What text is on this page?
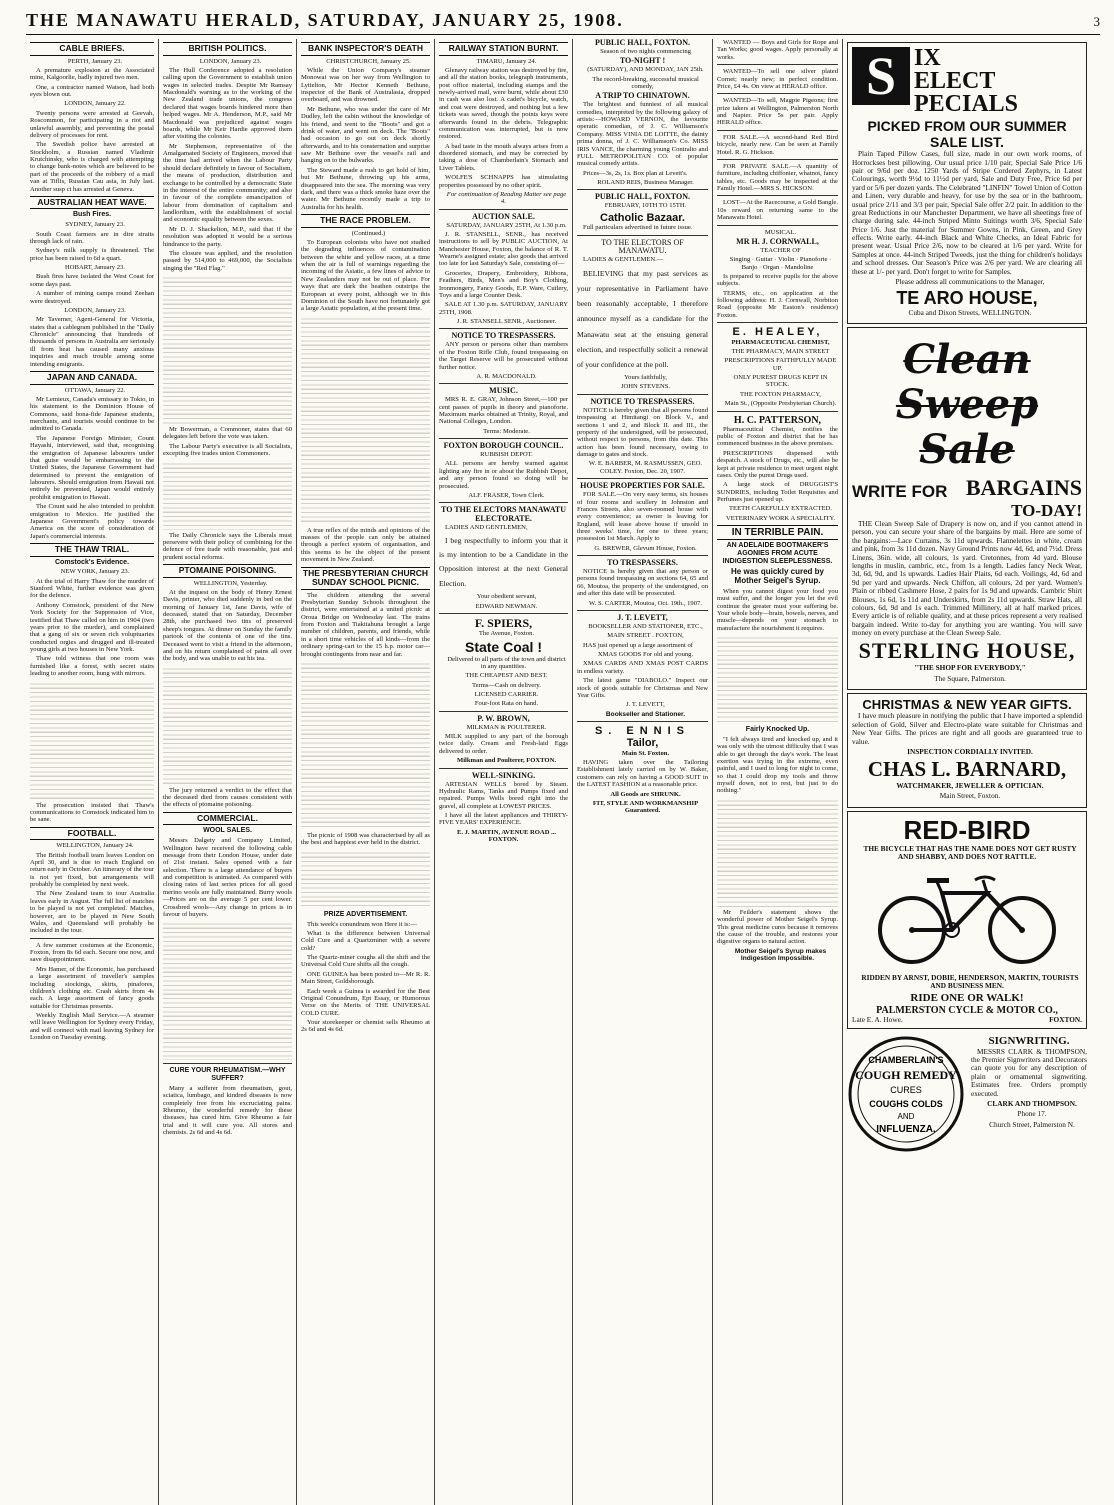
THE MANAWATU HERALD, SATURDAY, JANUARY 25, 1908.	3
CABLE BRIEFS.

PERTH, January 23.

A premature explosion at the Associated mine, Kalgoorlie, badly injured two men.

One, a contractor named Watson, had both eyes blown out.

LONDON, January 22.

Twenty persons were arrested at Geevah, Roscommon, for participating in a riot and unlawful assembly, and preventing the postal delivery of processes for rent.

The Swedish police have arrested at Stockholm, a Russian named Vladimir Krutchinsky, who is charged with attempting to change bank-notes which are believed to be part of the proceeds of the robbery of a mail van at Tiflis, Russian Cau asia, in July last. Another susp ct has arrested at Geneva.

AUSTRALIAN HEAT WAVE.
Bush Fires.

SYDNEY, January 23.

South Coast farmers are in dire straits through lack of rain.

Sydney's milk supply is threatened. The price has been raised to 6d a quart.

HOBART, January 23.

Bush fires have isolated the West Coast for some days past.

A number of mining camps round Zeehan were destroyed.

LONDON, January 23.

Mr Taverner, Agent-General for Victoria, states that a cablegram published in the "Daily Chronicle" announcing that hundreds of thousands of persons in Australia are seriously ill from heat has caused many anxious inquiries and much trouble among some intending emigrants.

JAPAN AND CANADA.

OTTAWA, January 22.

Mr Lemieux, Canada's emissary to Tokio, in his statement to the Dominion House of Commons, said bona-fide Japanese students, merchants, and tourists would continue to be admitted to Canada.

The Japanese Foreign Minister, Count Hayashi, interviewed, said that, recognising the emigration of Japanese labourers under that guise would be embarrassing to the United States, the Japanese Government had determined to prevent the emigration of labourers. Should emigration from Hawaii not entirely be prevented, Japan would entirely prohibit emigration to Hawaii.

The Count said he also intended to prohibit emigration to Mexico. He justified the Japanese Government's policy towards America on the score of consideration of Japan's commercial interests.

THE THAW TRIAL.
Comstock's Evidence.

NEW YORK, January 23.

At the trial of Harry Thaw for the murder of Stanford White, further evidence was given for the defence.

Anthony Comstock, president of the New York Society for the Suppression of Vice, testified that Thaw called on him in 1904 (two years prior to the murder), and complained that a gang of six or seven rich voluptuaries conducted orgies and drugged and ill-treated young girls at two houses in New York.

Thaw told witness that one room was furnished like a forest, with secret stairs leading to another room, hung with mirrors.

The prosecution insisted that Thaw's communications to Comstock indicated him to be sane.

FOOTBALL.

WELLINGTON, January 24.

The British football team leaves London on April 30, and is due to reach England on return early in October. An itinerary of the tour is not yet fixed, but arrangements will probably be completed by next week.

The New Zealand team to tour Australia leaves early in August. The full list of matches to be played is not yet completed. Matches, however, are to be played in New South Wales, and Queensland will probably be included in the tour.

A few summer costumes at the Economic, Foxton, from 8s 6d each. Secure one now, and save disappointment.

Mrs Hamer, of the Economic, has purchased a large assortment of traveller's samples including stockings, skirts, pinafores, children's clothing etc. Crash skirts from 4s each. A large assortment of fancy goods suitable for Christmas presents.

Weekly English Mail Service.—A steamer will leave Wellington for Sydney every Friday, and will connect with mail leaving Sydney for London on Tuesday evening.

BRITISH POLITICS.

LONDON, January 23.

The Hull Conference adopted a resolution calling upon the Government to establish union wages in selected trades. Despite Mr Ramsay Macdonald's warning as to the working of the New Zealand trade unions, the congress declared that wages boards hindered more than helped wages. Mr A. Henderson, M.P., said Mr Macdonald was prejudiced against wages boards, while Mr Keir Hardie approved them after visiting the colonies.

Mr Stephenson, representative of the Amalgamated Society of Engineers, moved that the time had arrived when the Labour Party should declare definitely in favour of Socialism, the means of production, distribution and exchange to be controlled by a democratic State in the interest of the entire community; and also in favour of the complete emancipation of labour from domination of capitalism and landlordism, with the establishment of social and economic equality between the sexes.

Mr D. J. Shackelton, M.P., said that if the resolution was adopted it would be a serious hindrance to the party.

The closure was applied, and the resolution passed by 514,000 to 469,000, the Socialists singing the "Red Flag."

Mr Bowerman, a Commoner, states that 60 delegates left before the vote was taken.

The Labour Party's executive is all Socialists, excepting five trades union Commoners.

The Daily Chronicle says the Liberals must persevere with their policy of combining for the defence of free trade with reasonable, just and prudent social reforms.

PTOMAINE POISONING.

WELLINGTON, Yesterday.

At the inquest on the body of Henry Ernest Davis, printer, who died suddenly in bed on the morning of January 1st, Jane Davis, wife of deceased, stated that on Saturday, December 28th, she purchased two tins of preserved sheep's tongues. At dinner on Sunday the family partook of the contents of one of the tins. Deceased went to visit a friend in the afternoon, and on his return complained of pains all over the body, and was unable to eat his tea.

The jury returned a verdict to the effect that the deceased died from causes consistent with the effects of ptomaine poisoning.

COMMERCIAL.
WOOL SALES.

Messrs Dalgety and Company Limited, Wellington have received the following cable message from their London House, under date of 21st instant. Sales opened with a fair selection. There is a large attendance of buyers and competition is animated. As compared with closing rates of last series prices for all good merino wools are fully maintained. Burry wools—Prices are on the average 5 per cent lower. Crossbred wools—Any change in prices is in favour of buyers.

CURE YOUR RHEUMATISM.—WHY SUFFER?

Many a sufferer from rheumatism, gout, sciatica, lumbago, and kindred diseases is now completely free from his excruciating pains. Rheumo, the wonderful remedy for these diseases, has cured him. Give Rheumo a fair trial and it will cure you. All stores and chemists. 2s 6d and 4s 6d.

BANK INSPECTOR'S DEATH

CHRISTCHURCH, January 25.

While the Union Company's steamer Monowai was on her way from Wellington to Lyttelton, Mr Hector Kenneth Bethune, inspector of the Bank of Australasia, dropped overboard, and was drowned.

Mr Bethune, who was under the care of Mr Dudley, left the cabin without the knowledge of his friend, and went to the "Boots" and got a drink of water, and went on deck. The "Boots" had occasion to go out on deck shortly afterwards, and to his consternation and surprise saw Mr Bethune over the vessel's rail and hanging on to the bulwarks.

The Steward made a rush to get hold of him, but Mr Bethune, throwing up his arms, disappeared into the sea. The morning was very dark, and there was a thick smoke haze over the water. Mr Bethune recently made a trip to Australia for his health.

THE RACE PROBLEM.

(Continued.)

To European colonists who have not studied the degrading influences of contamination between the white and yellow races, at a time when the air is full of warnings regarding the incoming of the Asiatic, a few lines of advice to New Zealanders may not be out of place. For ways that are dark the heathen outstrips the European at every point, although we in this Dominion of the South have not fortunately got a large Asiatic population, at the present time.

A true reflex of the minds and opinions of the masses of the people can only be attained through a perfect system of organisation, and this seems to be the object of the present movement in New Zealand.

THE PRESBYTERIAN CHURCH SUNDAY SCHOOL PICNIC.

The children attending the several Presbyterian Sunday Schools throughout the district, were entertained at a united picnic at Oroua Bridge on Wednesday last. The trains from Foxton and Tiakitahuna brought a large number of children, parents, and friends, while in a short time vehicles of all kinds—from the ordinary spring-cart to the 15 h.p. motor car—brought contingents from near and far.

The picnic of 1908 was characterised by all as the best and happiest ever held in the district.

PRIZE ADVERTISEMENT.

This week's conundrum won Here it is:—

What is the difference between Universal Cold Cure and a Quartzminer with a severe cold?

The Quartz-miner coughs all the shift and the Universal Cold Cure shifts all the cough.

ONE GUINEA has been posted to—Mr R. R. Main Street, Goldsborough.

Each week a Guinea is awarded for the Best Original Conundrum, Ept Essay, or Humorous Verse on the Merits of THE UNIVERSAL COLD CURE.

Your storekeeper or chemist sells Rheumo at 2s 6d and 4s 6d.

RAILWAY STATION BURNT.

TIMARU, January 24.

Glenavy railway station was destroyed by fire, and all the station books, telegraph instruments, post office material, including stamps and the newly-arrived mail, were burnt, while about £30 in cash was also lost. A cadet's bicycle, watch, and coat were destroyed, and nothing but a few tickets was saved, though the points keys were afterwards found in the debris. Telegraphic communication was interrupted, but is now restored.

A bad taste in the mouth always arises from a disordered stomach, and may be corrected by taking a dose of Chamberlain's Stomach and Liver Tablets.

WOLFE'S SCHNAPPS has stimulating properties possessed by no other spirit.

For continuation of Reading Matter see page 4.

AUCTION SALE.

SATURDAY, JANUARY 25TH, At 1.30 p.m.

J. R. STANSELL, SENR., has received instructions to sell by PUBLIC AUCTION, At Manchester House, Foxton, the balance of R. T. Wearne's assigned estate; also goods that arrived too late for last Saturday's Sale, consisting of—

Groceries, Drapery, Embroidery, Ribbons, Feathers, Birds, Men's and Boy's Clothing, Ironmongery, Fancy Goods, E.P. Ware, Cutlery, Toys and a large Counter Desk.

SALE AT 1.30 p.m. SATURDAY, JANUARY 25TH, 1908.

J. R. STANSELL SENR., Auctioneer.

NOTICE TO TRESPASSERS.

ANY person or persons other than members of the Foxton Rifle Club, found trespassing on the Target Reserve will be prosecuted without further notice.

A. R. MACDONALD.

MUSIC.

MRS R. E. GRAY, Johnson Street,—100 per cent passes of pupils in theory and pianoforte. Maximum marks obtained at Trinity, Royal, and National Colleges, London.

Terms: Moderate.

FOXTON BOROUGH COUNCIL.

RUBBISH DEPOT.

ALL persons are hereby warned against lighting any fire in or about the Rubbish Depot, and any person found so doing will be prosecuted.

ALF. FRASER, Town Clerk.

TO THE ELECTORS MANAWATU ELECTORATE.

LADIES AND GENTLEMEN,

I beg respectfully to inform you that it is my intention to be a Candidate in the Opposition interest at the next General Election.

Your obedient servant,

EDWARD NEWMAN.

F. SPIERS,

The Avenue, Foxton.

State Coal !

Delivered to all parts of the town and district in any quantities.

THE CHEAPEST AND BEST.

Terms—Cash on delivery.

LICENSED CARRIER.

Four-foot Rata on hand.

P. W. BROWN,

MILKMAN & POULTERER.

MILK supplied to any part of the borough twice daily. Cream and Fresh-laid Eggs delivered to order.

Milkman and Poulterer, FOXTON.

WELL-SINKING.

ARTESIAN WELLS bored by Steam. Hydraulic Rams, Tanks and Pumps fixed and repaired. Pumps Wells bored right into the gravel, all complete at LOWEST PRICES.

I have all the latest appliances and THIRTY-FIVE YEARS' EXPERIENCE.

E. J. MARTIN, AVENUE ROAD ... FOXTON.

PUBLIC HALL, FOXTON.

Season of two nights commencing

TO-NIGHT !

(SATURDAY), AND MONDAY, JAN 25th.

The record-breaking, successful musical comedy,

A TRIP TO CHINATOWN.

The brightest and funniest of all musical comedies, interpreted by the following galaxy of artists:—HOWARD VERNON, the favourite operatic comedian, of J. C. Williamson's Company. MISS VINIA DE LOITTE, the dainty prima donna, of J. C. Williamson's Co. MISS IRIS VANCE, the charming young Contralto and FULL METROPOLITAN CO. of popular musical comedy artists.

Prices—3s, 2s, 1s. Box plan at Levett's.

ROLAND REIS, Business Manager.

PUBLIC HALL, FOXTON.

FEBRUARY, 10TH TO 15TH.

Catholic Bazaar.

Full particulars advertised in future issue.

TO THE ELECTORS OF MANAWATU.

LADIES & GENTLEMEN.—

BELIEVING that my past services as your representative in Parliament have been reasonably acceptable, I therefore announce myself as a candidate for the Manawatu seat at the ensuing general election, and respectfully solicit a renewal of your confidence at the poll.

Yours faithfully,

JOHN STEVENS.

NOTICE TO TRESPASSERS.

NOTICE is hereby given that all persons found trespassing at Himitangi on Block V., and sections 1 and 2, and Block II. and III., the property of the undersigned, will be prosecuted, without respect to persons, from this date. This action has been found necessary, owing to damage to gates and stock.

W. E. BARBER, M. RASMUSSEN, GEO. COLEY. Foxton, Dec. 20, 1907.

HOUSE PROPERTIES FOR SALE.

FOR SALE.—On very easy terms, six houses of four rooms and scullery in Johnston and Frances Streets, also seven-roomed house with every convenience; as owner is leaving for England, will lease above house if unsold in three weeks' time, for one to three years; possession 1st March. Apply to

G. BREWER, Glevum House, Foxton.

TO TRESPASSERS.

NOTICE is hereby given that any person or persons found trespassing on sections 64, 65 and 66, Moutoa, the property of the undersigned, on and after this date will be prosecuted.

W. S. CARTER, Moutoa, Oct. 19th., 1907.

J. T. LEVETT,

BOOKSELLER AND STATIONER, ETC.,

MAIN STREET . FOXTON,

HAS just opened up a large assortment of

XMAS GOODS For old and young.

XMAS CARDS AND XMAS POST CARDS in endless variety.

The latest game "DIABOLO." Inspect our stock of goods suitable for Christmas and New Year Gifts.

J. T. LEVETT,

Bookseller and Stationer.

S. ENNIS
Tailor,

Main St. Foxton.

HAVING taken over the Tailoring Establishment lately carried on by W. Baker, customers can rely on having a GOOD SUIT in the LATEST FASHION at a reasonable price.

All Goods are SHRUNK.

FIT, STYLE AND WORKMANSHIP Guaranteed.

WANTED — Boys and Girls for Rope and Tan Works; good wages. Apply personally at works.

WANTED—To sell one silver plated Cornet; nearly new; in perfect condition. Price, £4 4s. On view at HERALD office.

WANTED—To sell, Magpie Pigeons; first prize takers at Wellington, Palmerston North and Napier. Price 5s per pair. Apply HERALD office.

FOR SALE.—A second-hand Red Bird bicycle, nearly new. Can be seen at Family Hotel. R. G. Hickson.

FOR PRIVATE SALE.—A quantity of furniture, including chiffonier, whatnot, fancy tables, etc. Goods may be inspected at the Family Hotel.—MRS S. HICKSON.

LOST—At the Racecourse, a Gold Bangle. 10s reward on returning same to the Manawatu Hotel.

MUSICAL.

MR H. J. CORNWALL,

TEACHER OF

Singing · Guitar · Violin · Pianoforte · Banjo · Organ · Mandoline

Is prepared to receive pupils for the above subjects.

TERMS, etc., on application at the following address: H. J. Cornwall, Norbiton Road (opposite Mr Easton's residence) Foxton.

E. HEALEY,

PHARMACEUTICAL CHEMIST,

THE PHARMACY, MAIN STREET

PRESCRIPTIONS FAITHFULLY MADE UP.

ONLY PUREST DRUGS KEPT IN STOCK.

THE FOXTON PHARMACY,

Main St., (Opposite Presbyterian Church).

H. C. PATTERSON,

Pharmaceutical Chemist, notifies the public of Foxton and district that he has commenced business in the above premises.

PRESCRIPTIONS dispensed with despatch. A stock of Drugs, etc., will also be kept at private residence to meet urgent night cases. Only the purest Drugs used.

A large stock of DRUGGIST'S SUNDRIES, including Toilet Requisites and Perfumes just opened up.

TEETH CAREFULLY EXTRACTED.

VETERINARY WORK A SPECIALITY.

IN TERRIBLE PAIN.
AN ADELAIDE BOOTMAKER'S AGONIES FROM ACUTE INDIGESTION SLEEPLESSNESS.
He was quickly cured by Mother Seigel's Syrup.

When you cannot digest your food you must suffer, and the longer you let the evil continue the greater must your suffering be. Your whole body—brain, bowels, nerves, and muscle—depends on your stomach to manufacture the nourishment it requires.

Fairly Knocked Up.

"I felt always tired and knocked up, and it was only with the utmost difficulty that I was able to get through the day's work. The least exertion was trying in the extreme, even painful, and I used to long for night to come, so that I could drop my tools and throw myself down, not to rest, but just to do nothing."

Mr Feilder's statement shows the wonderful power of Mother Seigel's Syrup. This great medicine cures because it removes the cause of the trouble, and restores your digestive organs to natural action.

Mother Seigel's Syrup makes Indigestion Impossible.

S IX
ELECT
PECIALS
PICKED FROM OUR SUMMER SALE LIST.

Plain Taped Pillow Cases, full size, made in our own work rooms, of Horrockses best pillowing. Our usual price 1/10 pair, Special Sale Price 1/6 pair or 9/6d per doz. 1250 Yards of Stripe Cordered Zephyrs, in Latest Colourings, worth 9½d to 11½d per yard, Sale and Duty Free, Price 6d per yard or 5/6 per dozen yards. The Celebrated "LINFIN" Towel Union of Cotton and Linen, very durable and heavy, for use by the sea or in the bathroom, usual price 2/11 and 3/3 per pair, Special Sale offer 2/2 pair. In addition to the great Reductions in our Manchester Department, we have all sheetings free of charge during sale. 44-inch Striped Minto Suitings worth 3/6, Special Sale Price 1/6. Just the material for Summer Gowns, in Pink, Green, and Grey effects. Write early. 44-inch Black and White Checks, an Ideal Fabric for present wear. Usual Price 2/6, now to be cleared at 1/6 per yard. Write for Samples at once. 44-inch Striped Tweeds, just the thing for children's holidays and school dresses. Our Season's Price was 2/6 per yard. We are clearing all these at 1/- per yard. Don't forget to write for Samples.

Please address all communications to the Manager,

TE ARO HOUSE,

Cuba and Dixon Streets, WELLINGTON.

Clean Sweep Sale
WRITE FOR BARGAINS
TO-DAY!

THE Clean Sweep Sale of Drapery is now on, and if you cannot attend in person, you can secure your share of the bargains by mail. Here are some of the bargains:—Lace Curtains, 3s 11d upwards. Flannelettes in white, cream and pink, from 3s 11d dozen. Navy Ground Prints now 4d, 6d, and 7½d. Dress Linens, 36in. wide, all colours, 1s yard. Cretonnes, from 4d yard. Blouse lengths in muslin, cambric, etc., from 1s a length. Ladies fancy Neck Wear, 3d, 6d, 9d, and 1s upwards. Ladies Hair Plaits, 6d each. Voilings, 4d, 6d and 9d per yard and upwards. Neck Chiffon, all colours, 2d per yard. Women's Plain or ribbed Cashmere Hose, 2 pairs for 1s 9d and upwards. Cambric Shirt Blouses, 1s 6d, 1s 11d and Underskirts, from 2s 11d upwards. Straw Hats, all colours, 6d, 9d and 1s each. Trimmed Millinery, all at half marked prices. Every article is of reliable quality, and at these prices represent a very realised bargain indeed. Write to-day for anything you are wanting. You will save money on every purchase at the Clean Sweep Sale.

STERLING HOUSE,

"THE SHOP FOR EVERYBODY,"

The Square, Palmerston.

CHRISTMAS & NEW YEAR GIFTS.

I have much pleasure in notifying the public that I have imported a splendid selection of Gold, Silver and Electro-plate ware suitable for Christmas and New Year Gifts. The prices are right and all goods are guaranteed true to value.

INSPECTION CORDIALLY INVITED.

CHAS L. BARNARD,

WATCHMAKER, JEWELLER & OPTICIAN.

Main Street, Foxton.

RED-BIRD

THE BICYCLE THAT HAS THE NAME DOES NOT GET RUSTY AND SHABBY, AND DOES NOT RATTLE.

RIDDEN BY ARNST, DOBIE, HENDERSON, MARTIN, TOURISTS AND BUSINESS MEN.

RIDE ONE OR WALK!
PALMERSTON CYCLE & MOTOR CO.,
Late E. A. Howe.	FOXTON.
CHAMBERLAIN'S
COUGH REMEDY
CURES
COUGHS COLDS
AND
INFLUENZA.
SIGNWRITING.

MESSRS CLARK & THOMPSON, the Premier Signwriters and Decorators can quote you for any description of plain or ornamental signwriting. Estimates free. Orders promptly executed.

CLARK AND THOMPSON.

Phone 17.

Church Street, Palmerston N.
